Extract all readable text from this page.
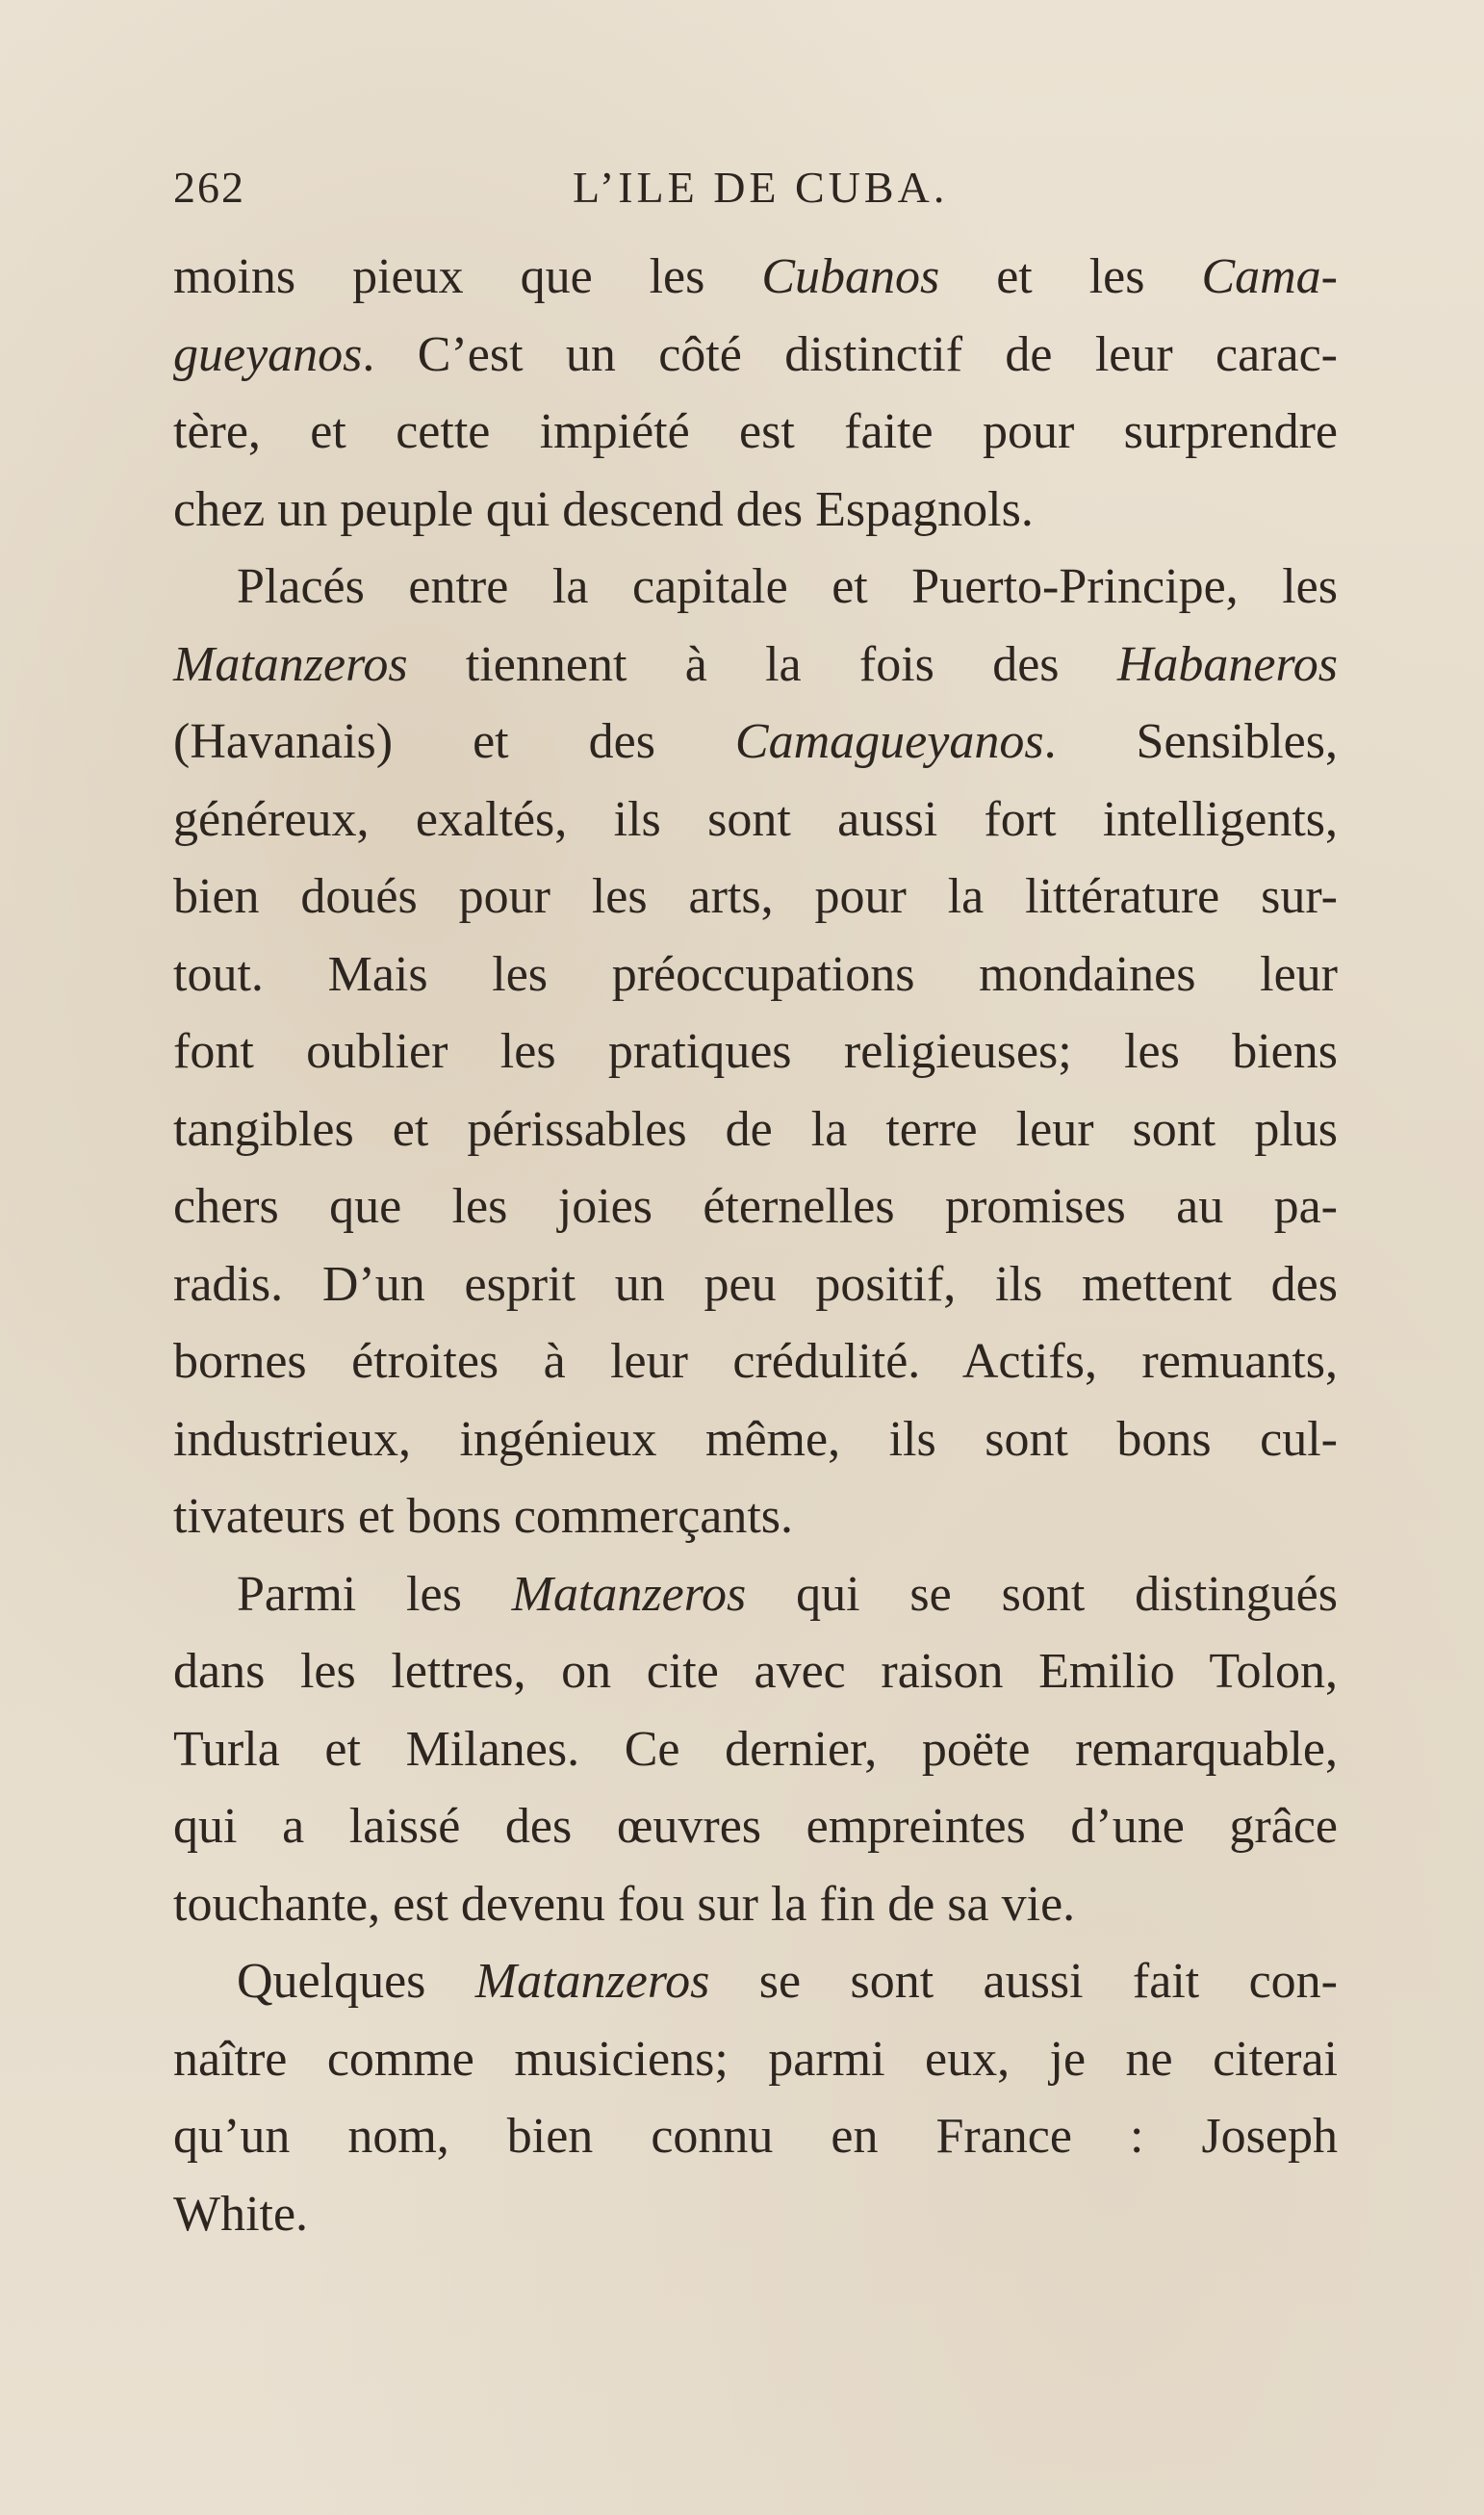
262	L’ILE DE CUBA.
moins pieux que les Cubanos et les Cama-
gueyanos. C’est un côté distinctif de leur carac-
tère, et cette impiété est faite pour surprendre
chez un peuple qui descend des Espagnols.
Placés entre la capitale et Puerto-Principe, les
Matanzeros tiennent à la fois des Habaneros
(Havanais) et des Camagueyanos. Sensibles,
généreux, exaltés, ils sont aussi fort intelligents,
bien doués pour les arts, pour la littérature sur-
tout. Mais les préoccupations mondaines leur
font oublier les pratiques religieuses; les biens
tangibles et périssables de la terre leur sont plus
chers que les joies éternelles promises au pa-
radis. D’un esprit un peu positif, ils mettent des
bornes étroites à leur crédulité. Actifs, remuants,
industrieux, ingénieux même, ils sont bons cul-
tivateurs et bons commerçants.
Parmi les Matanzeros qui se sont distingués
dans les lettres, on cite avec raison Emilio Tolon,
Turla et Milanes. Ce dernier, poëte remarquable,
qui a laissé des œuvres empreintes d’une grâce
touchante, est devenu fou sur la fin de sa vie.
Quelques Matanzeros se sont aussi fait con-
naître comme musiciens; parmi eux, je ne citerai
qu’un nom, bien connu en France : Joseph
White.
